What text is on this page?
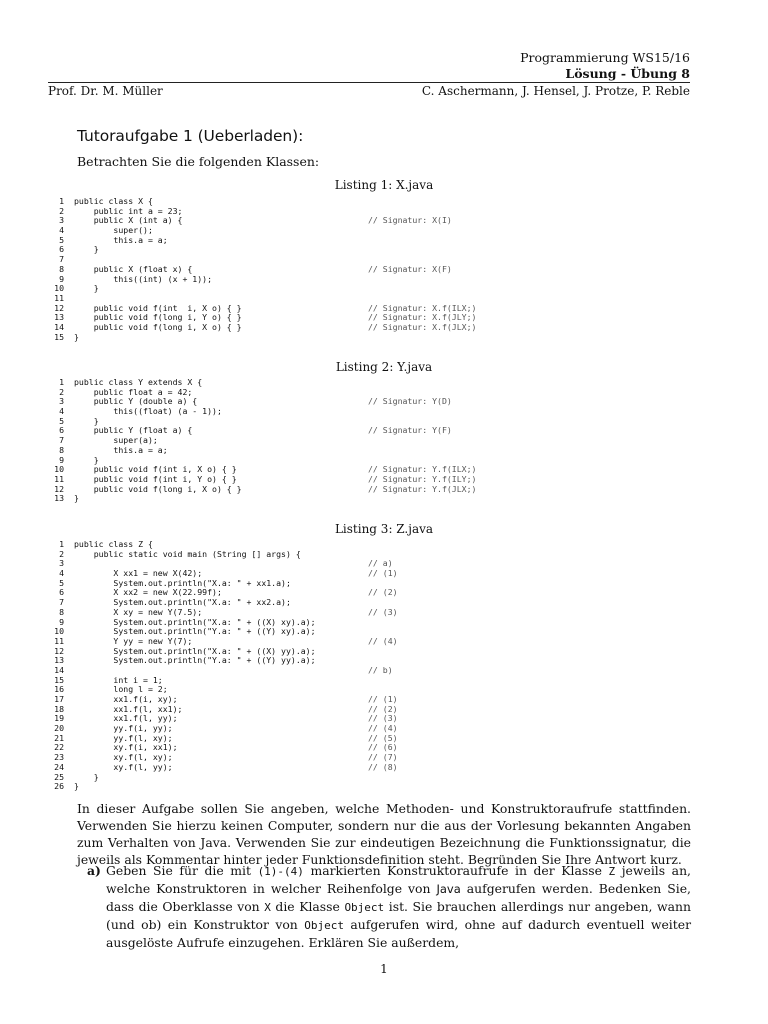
Programmierung WS15/16
Lösung - Übung 8
Prof. Dr. M. Müller	C. Aschermann, J. Hensel, J. Protze, P. Reble
Tutoraufgabe 1 (Ueberladen):
Betrachten Sie die folgenden Klassen:
Listing 1: X.java
1 public class X {
2 public int a = 23;
3 public X (int a) {	// Signatur: X(I)
4 super();
5 this.a = a;
6 }
7
8 public X (float x) {	// Signatur: X(F)
9 this((int) (x + 1));
10 }
11
12 public void f(int  i, X o) { }	// Signatur: X.f(ILX;)
13 public void f(long i, Y o) { }	// Signatur: X.f(JLY;)
14 public void f(long i, X o) { }	// Signatur: X.f(JLX;)
15 }
Listing 2: Y.java
1 public class Y extends X {
2 public float a = 42;
3 public Y (double a) {	// Signatur: Y(D)
4 this((float) (a - 1));
5 }
6 public Y (float a) {	// Signatur: Y(F)
7 super(a);
8 this.a = a;
9 }
10 public void f(int i, X o) { }	// Signatur: Y.f(ILX;)
11 public void f(int i, Y o) { }	// Signatur: Y.f(ILY;)
12 public void f(long i, X o) { }	// Signatur: Y.f(JLX;)
13 }
Listing 3: Z.java
1 public class Z {
2 public static void main (String [] args) {
3	// a)
4 X xx1 = new X(42);	// (1)
5 System.out.println("X.a: " + xx1.a);
6 X xx2 = new X(22.99f);	// (2)
7 System.out.println("X.a: " + xx2.a);
8 X xy = new Y(7.5);	// (3)
9 System.out.println("X.a: " + ((X) xy).a);
10 System.out.println("Y.a: " + ((Y) xy).a);
11 Y yy = new Y(7);	// (4)
12 System.out.println("X.a: " + ((X) yy).a);
13 System.out.println("Y.a: " + ((Y) yy).a);
14	// b)
15 int i = 1;
16 long l = 2;
17 xx1.f(i, xy);	// (1)
18 xx1.f(l, xx1);	// (2)
19 xx1.f(l, yy);	// (3)
20 yy.f(i, yy);	// (4)
21 yy.f(l, xy);	// (5)
22 xy.f(i, xx1);	// (6)
23 xy.f(l, xy);	// (7)
24 xy.f(l, yy);	// (8)
25 }
26 }
In dieser Aufgabe sollen Sie angeben, welche Methoden- und Konstruktoraufrufe stattfinden. Verwenden Sie hierzu keinen Computer, sondern nur die aus der Vorlesung bekannten Angaben zum Verhalten von Java. Verwenden Sie zur eindeutigen Bezeichnung die Funktionssignatur, die jeweils als Kommentar hinter jeder Funktionsdefinition steht. Begründen Sie Ihre Antwort kurz.
a) Geben Sie für die mit (1)-(4) markierten Konstruktoraufrufe in der Klasse Z jeweils an, welche Konstruktoren in welcher Reihenfolge von Java aufgerufen werden. Bedenken Sie, dass die Oberklasse von X die Klasse Object ist. Sie brauchen allerdings nur angeben, wann (und ob) ein Konstruktor von Object aufgerufen wird, ohne auf dadurch eventuell weiter ausgelöste Aufrufe einzugehen. Erklären Sie außerdem,
1
